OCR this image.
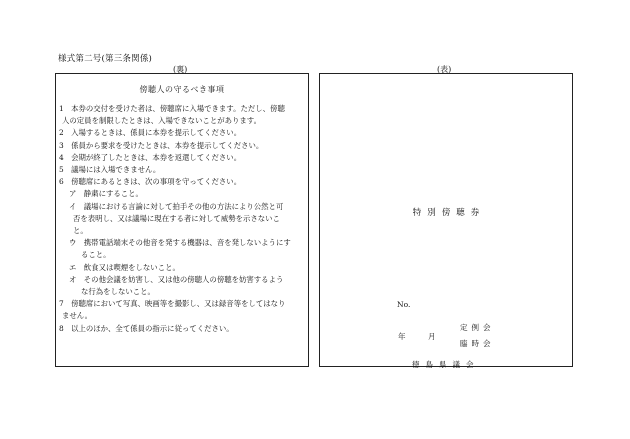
様式第二号(第三条関係)
(裏)	(表)
傍聴人の守るべき事項
1　本券の交付を受けた者は、傍聴席に入場できます。ただし、傍聴
人の定員を制限したときは、入場できないことがあります。
2　入場するときは、係員に本券を提示してください。
3　係員から要求を受けたときは、本券を提示してください。
4　会期が終了したときは、本券を返還してください。
5　議場には入場できません。
6　傍聴席にあるときは、次の事項を守ってください。
ア　静粛にすること。
イ　議場における言論に対して拍手その他の方法により公然と可
否を表明し、又は議場に現在する者に対して威勢を示さないこ
と。
ウ　携帯電話端末その他音を発する機器は、音を発しないようにす
ること。
エ　飲食又は喫煙をしないこと。
オ　その他会議を妨害し、又は他の傍聴人の傍聴を妨害するよう
な行為をしないこと。
7　傍聴席において写真、映画等を撮影し、又は録音等をしてはなり
ません。
8　以上のほか、全て係員の指示に従ってください。
特別傍聴券
No.
年	月
定例会
臨時会
徳島県議会
